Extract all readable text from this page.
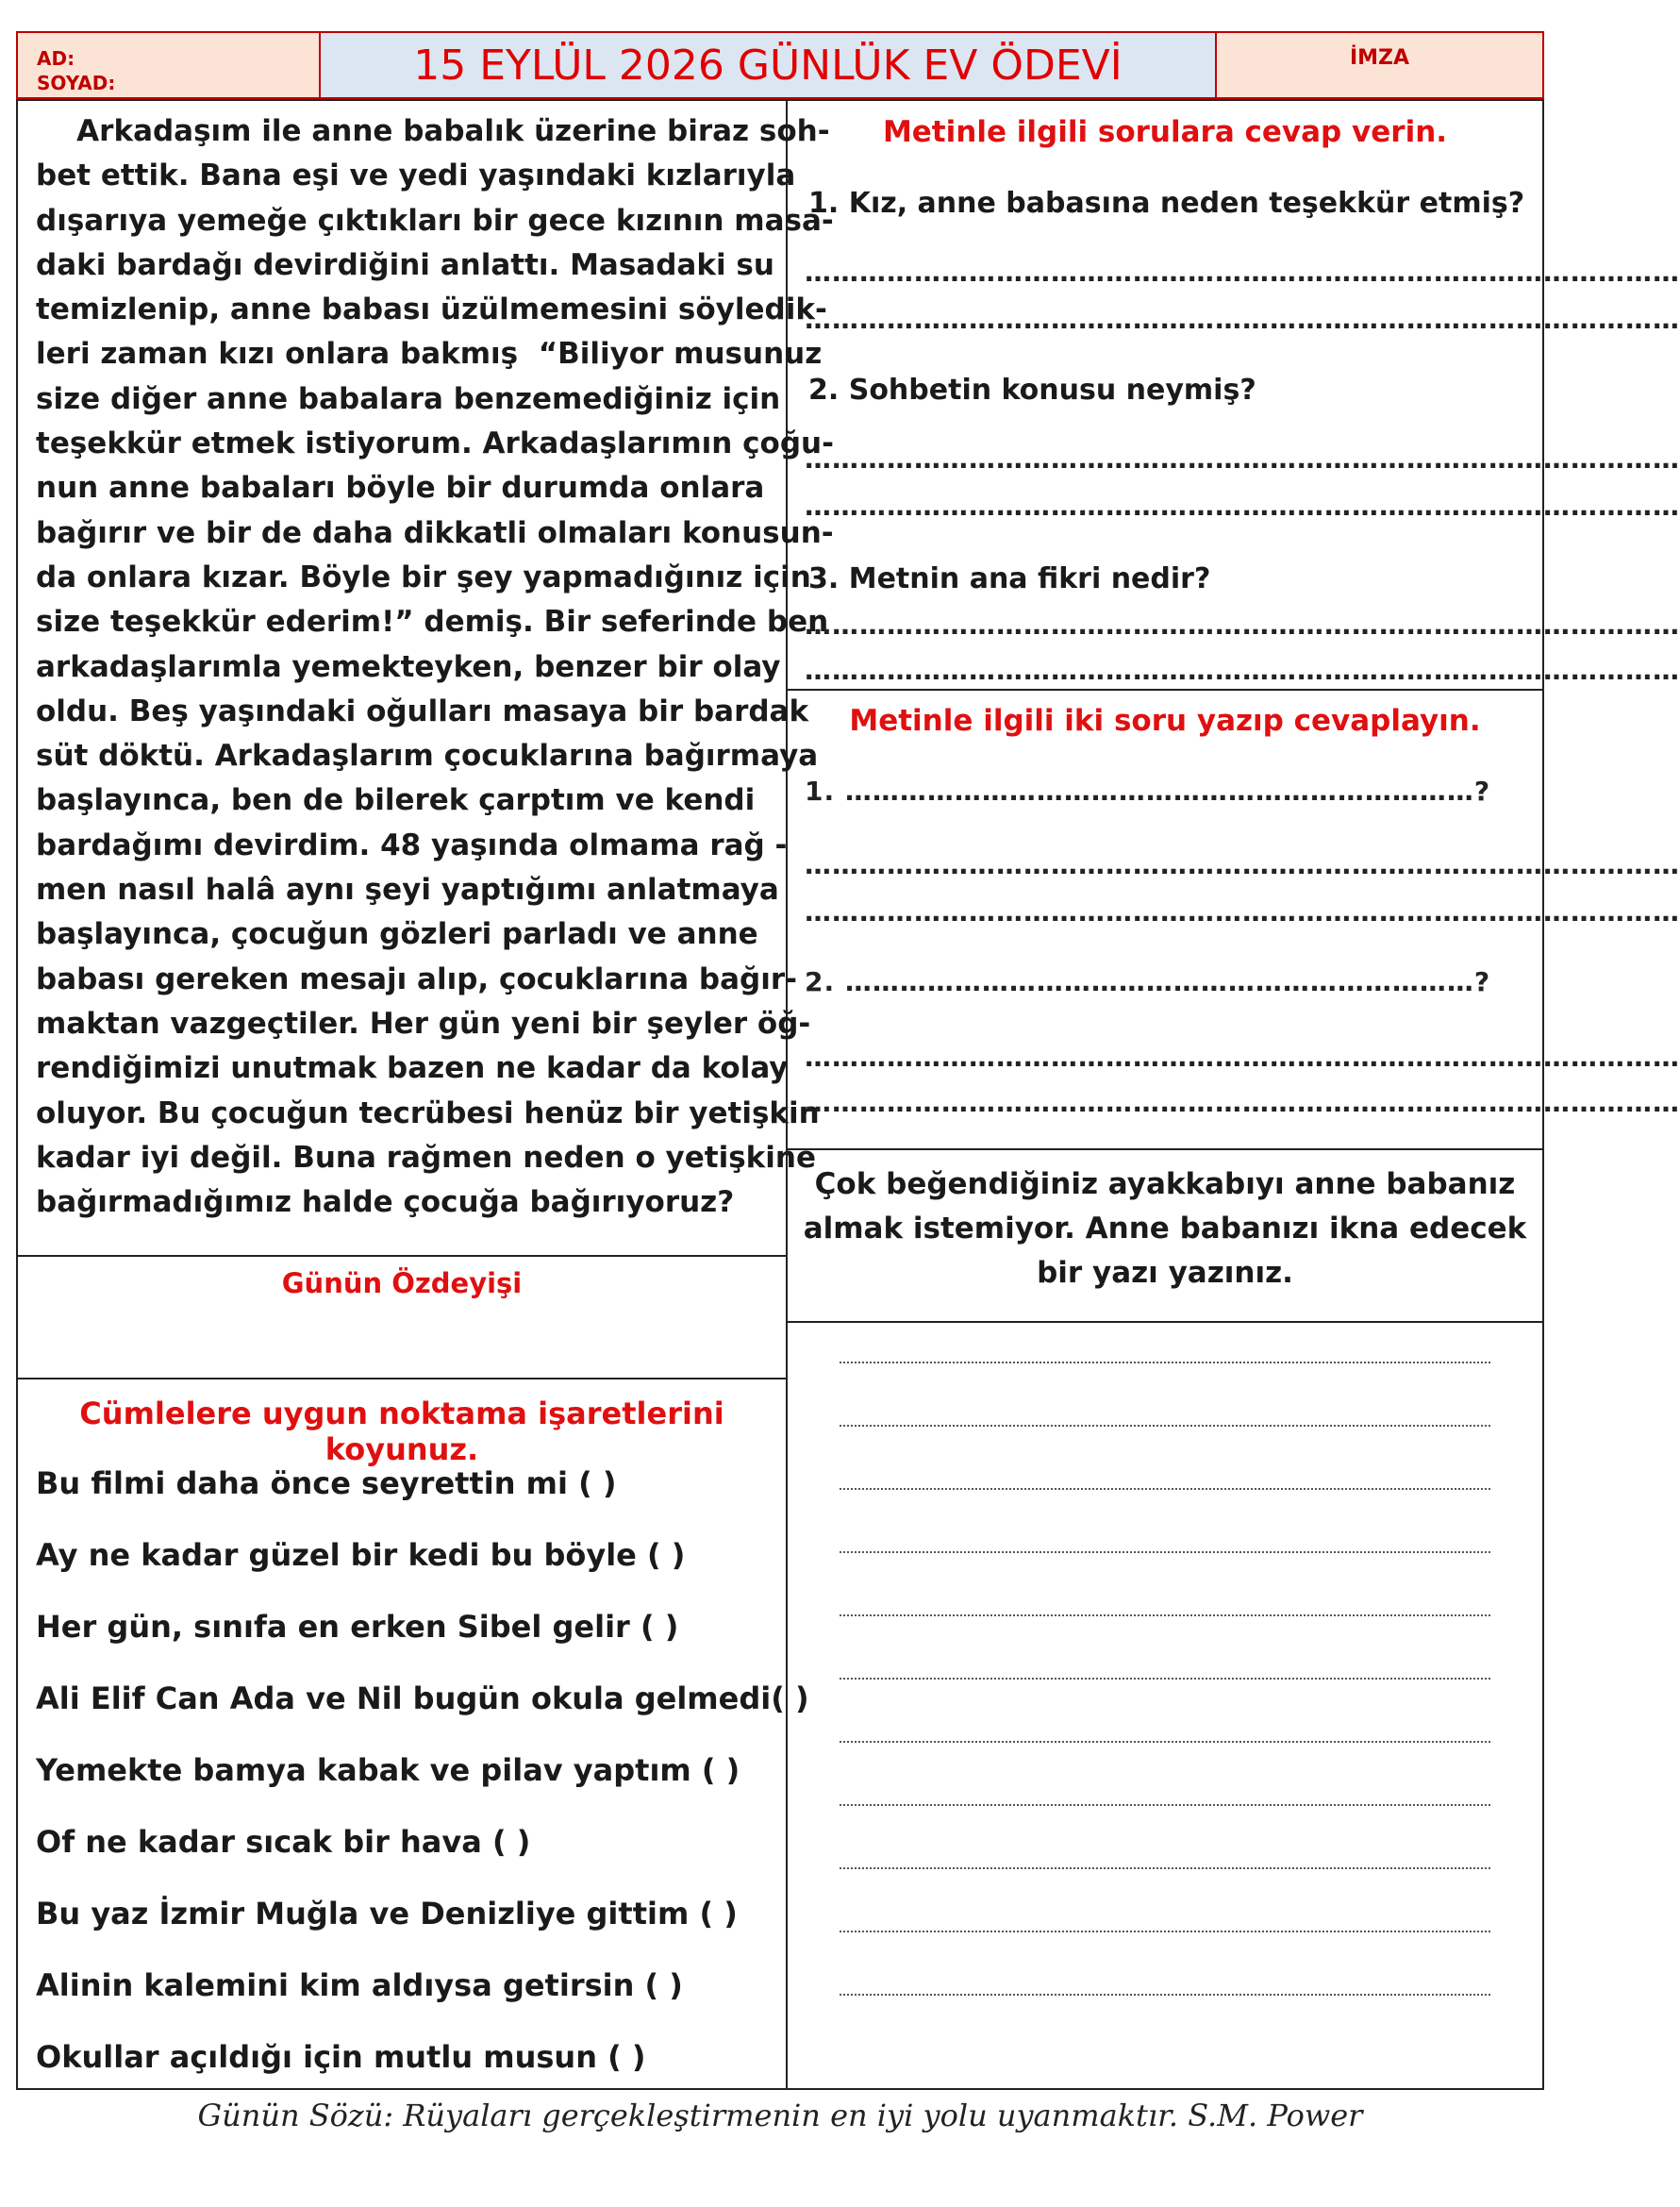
AD:
SOYAD:	15 EYLÜL 2026 GÜNLÜK EV ÖDEVİ	İMZA
Arkadaşım ile anne babalık üzerine biraz soh-
bet ettik. Bana eşi ve yedi yaşındaki kızlarıyla
dışarıya yemeğe çıktıkları bir gece kızının masa-
daki bardağı devirdiğini anlattı. Masadaki su
temizlenip, anne babası üzülmemesini söyledik-
leri zaman kızı onlara bakmış  “Biliyor musunuz
size diğer anne babalara benzemediğiniz için
teşekkür etmek istiyorum. Arkadaşlarımın çoğu-
nun anne babaları böyle bir durumda onlara
bağırır ve bir de daha dikkatli olmaları konusun-
da onlara kızar. Böyle bir şey yapmadığınız için
size teşekkür ederim!” demiş. Bir seferinde ben
arkadaşlarımla yemekteyken, benzer bir olay
oldu. Beş yaşındaki oğulları masaya bir bardak
süt döktü. Arkadaşlarım çocuklarına bağırmaya
başlayınca, ben de bilerek çarptım ve kendi
bardağımı devirdim. 48 yaşında olmama rağ -
men nasıl halâ aynı şeyi yaptığımı anlatmaya
başlayınca, çocuğun gözleri parladı ve anne
babası gereken mesajı alıp, çocuklarına bağır-
maktan vazgeçtiler. Her gün yeni bir şeyler öğ-
rendiğimizi unutmak bazen ne kadar da kolay
oluyor. Bu çocuğun tecrübesi henüz bir yetişkin
kadar iyi değil. Buna rağmen neden o yetişkine
bağırmadığımız halde çocuğa bağırıyoruz?
Günün Özdeyişi
Cümlelere uygun noktama işaretlerini koyunuz.
Bu filmi daha önce seyrettin mi ( )
Ay ne kadar güzel bir kedi bu böyle ( )
Her gün, sınıfa en erken Sibel gelir ( )
Ali Elif Can Ada ve Nil bugün okula gelmedi( )
Yemekte bamya kabak ve pilav yaptım ( )
Of ne kadar sıcak bir hava ( )
Bu yaz İzmir Muğla ve Denizliye gittim ( )
Alinin kalemini kim aldıysa getirsin ( )
Okullar açıldığı için mutlu musun ( )
Metinle ilgili sorulara cevap verin.
1. Kız, anne babasına neden teşekkür etmiş?
……………………………………………………………………………………
……………………………………………………………………………………
2. Sohbetin konusu neymiş?
……………………………………………………………………………………
……………………………………………………………………………………
3. Metnin ana fikri nedir?
……………………………………………………………………………………
……………………………………………………………………………………
Metinle ilgili iki soru yazıp cevaplayın.
1. ……………………………………………………………?
……………………………………………………………………………………
……………………………………………………………………………………
2. ……………………………………………………………?
……………………………………………………………………………………
……………………………………………………………………………………
Çok beğendiğiniz ayakkabıyı anne babanız
almak istemiyor. Anne babanızı ikna edecek
bir yazı yazınız.
Günün Sözü: Rüyaları gerçekleştirmenin en iyi yolu uyanmaktır. S.M. Power
